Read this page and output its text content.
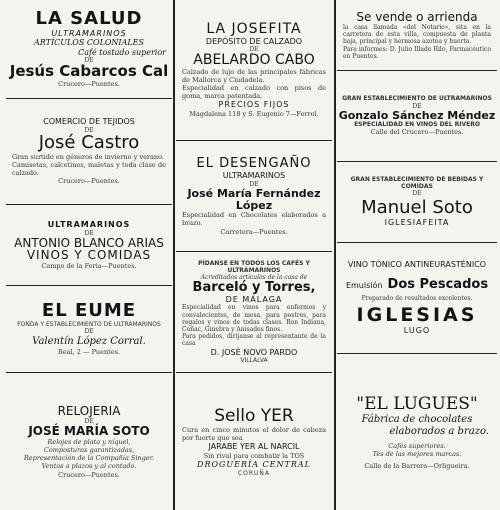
LA SALUD
ULTRAMARINOS
ARTÍCULOS COLONIALES
Café tostado superior
DE
Jesús Cabarcos Cal
Crucero—Puentes.
COMERCIO DE TEJIDOS
DE
José Castro
Gran surtido en géneros de invierno y verano.
Camisetas, calcetines, maletas y toda clase de calzado.
Crucero—Puentes.
ULTRAMARINOS
DE
ANTONIO BLANCO ARIAS
VINOS Y COMIDAS
Campo de la Feria—Puentes.
EL EUME
FONDA Y ESTABLECIMIENTO DE ULTRAMARINOS
DE
Valentín López Corral.
Real, 2 — Puentes.
RELOJERIA
DE
JOSÉ MARÍA SOTO
Relojes de plata y níquel,
Composturas garantizadas,
Representación de la Compañía Singer.
Ventas a plazos y al contado.
Crucero—Puentes.
LA JOSEFITA
DEPÓSITO DE CALZADO
DE
ABELARDO CABO
Calzado de lujo de las principales fábricas de Mallorca y Ciudadela.
Especialidad en calzado con pisos de goma, marca patentada.
PRECIOS FIJOS
Magdalena 118 y S. Eugenio 7—Ferrol.
EL DESENGAÑO
ULTRAMARINOS
DE
José María Fernández López
Especialidad en Chocolates elaborados a brazo.
Carretera—Puentes.
PÍDANSE EN TODOS LOS CAFÉS Y ULTRAMARINOS
Acreditados artículos de la casa de
Barceló y Torres,
DE MÁLAGA
Especialidad en vinos para enfermos y convalecientes, de mesa, para postres, para regalos y vinos de todas clases. Ron Indiana, Coñac, Ginebra y Anisados finos.
Para pedidos, diríjanse al representante de la casa
D. JOSÉ NOVO PARDO
VILLALVA
Sello YER
Cura en cinco minutos el dolor de cabeza por fuerte que sea
JARABE YER AL NARCIL
Sin rival para combatir la TOS
DROGUERÍA CENTRAL
CORUÑA
Se vende o arrienda
la casa llamada «del Notario», sita en la carretera de esta villa, compuesta de planta baja, principal y hermosa azotea y huerta.
Para informes: D. Julio Illade Rilo, Farmacéutico en Puentes.
GRAN ESTABLECIMIENTO DE ULTRAMARINOS
DE
Gonzalo Sánchez Méndez
ESPECIALIDAD EN VINOS DEL RIVERO
Calle del Crucero—Puentes.
GRAN ESTABLECIMIENTO DE BEBIDAS Y COMIDAS
DE
Manuel Soto
IGLESIAFEITA
VINO TÓNICO ANTINEURASTÉNICO
Emulsión Dos Pescados
Preparado de resultados excelentes.
IGLESIAS
LUGO
"EL LUGUES"
Fábrica de chocolates
elaborados a brazo.
Cafés superiores.
Tés de las mejores marcas.
Calle de la Barrera—Orligueira.
